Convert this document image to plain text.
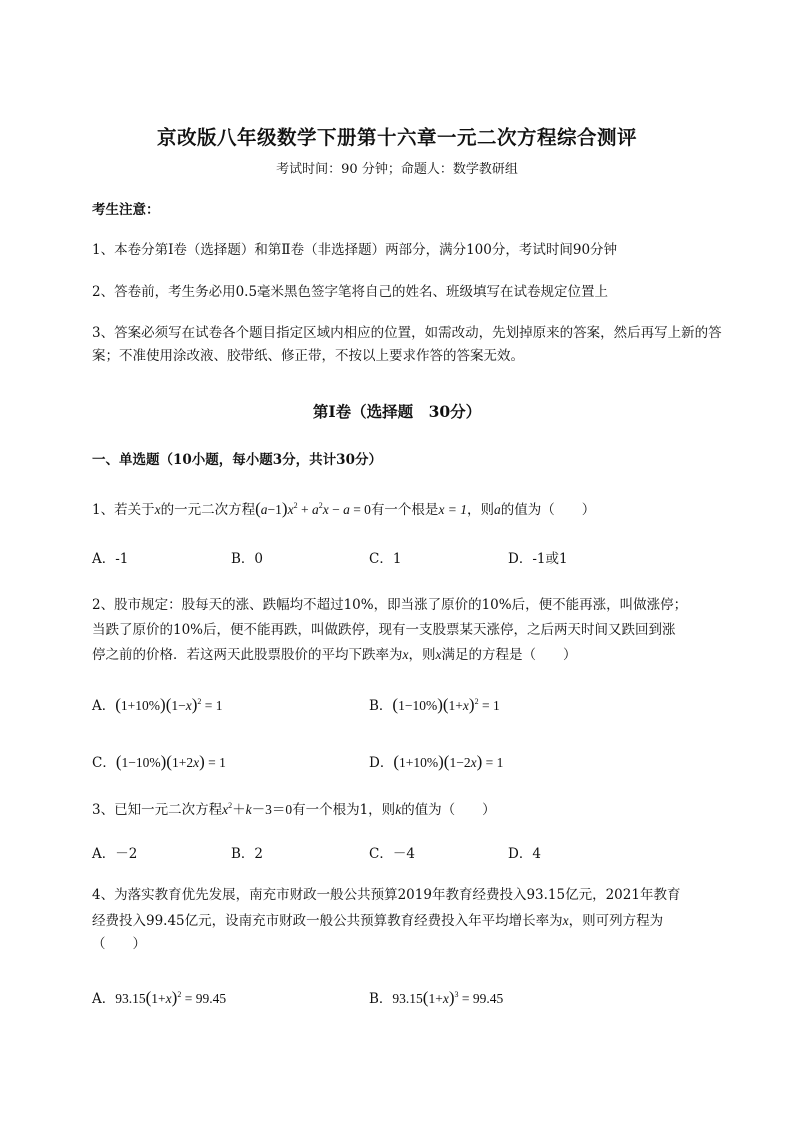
京改版八年级数学下册第十六章一元二次方程综合测评
考试时间：90 分钟；命题人：数学教研组
考生注意：
1、本卷分第Ⅰ卷（选择题）和第Ⅱ卷（非选择题）两部分，满分100分，考试时间90分钟
2、答卷前，考生务必用0.5毫米黑色签字笔将自己的姓名、班级填写在试卷规定位置上
3、答案必须写在试卷各个题目指定区域内相应的位置，如需改动，先划掉原来的答案，然后再写上新的答案；不准使用涂改液、胶带纸、修正带，不按以上要求作答的答案无效。
第Ⅰ卷（选择题　30分）
一、单选题（10小题，每小题3分，共计30分）
1、若关于x的一元二次方程$(a-1)x^2 + a^2x - a = 0$有一个根是x = 1，则a的值为（　　）
A．-1	B．0	C．1	D．-1或1
2、股市规定：股每天的涨、跌幅均不超过10%，即当涨了原价的10%后，便不能再涨，叫做涨停；
当跌了原价的10%后，便不能再跌，叫做跌停，现有一支股票某天涨停，之后两天时间又跌回到涨
停之前的价格．若这两天此股票股价的平均下跌率为x，则x满足的方程是（　　）
A．$(1+10\%)(1-x)^2 = 1$	B．$(1-10\%)(1+x)^2 = 1$
C．(1−10%)(1+2x) = 1	D．(1+10%)(1−2x) = 1
3、已知一元二次方程$x^2+k-3=0$有一个根为1，则k的值为（　　）
A．－2	B．2	C．－4	D．4
4、为落实教育优先发展，南充市财政一般公共预算2019年教育经费投入93.15亿元，2021年教育
经费投入99.45亿元，设南充市财政一般公共预算教育经费投入年平均增长率为x，则可列方程为
（　　）
A．$93.15(1+x)^2 = 99.45$	B．$93.15(1+x)^3 = 99.45$
